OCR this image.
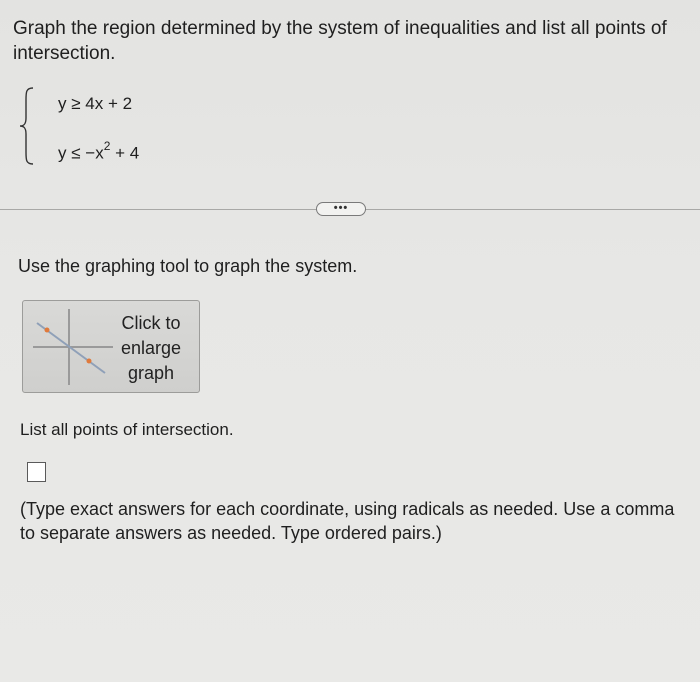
Graph the region determined by the system of inequalities and list all points of intersection.
y ≥ 4x + 2
$y \le -x^2 + 4$
•••
Use the graphing tool to graph the system.
Click to
enlarge
graph
List all points of intersection.
(Type exact answers for each coordinate, using radicals as needed. Use a comma to separate answers as needed. Type ordered pairs.)
